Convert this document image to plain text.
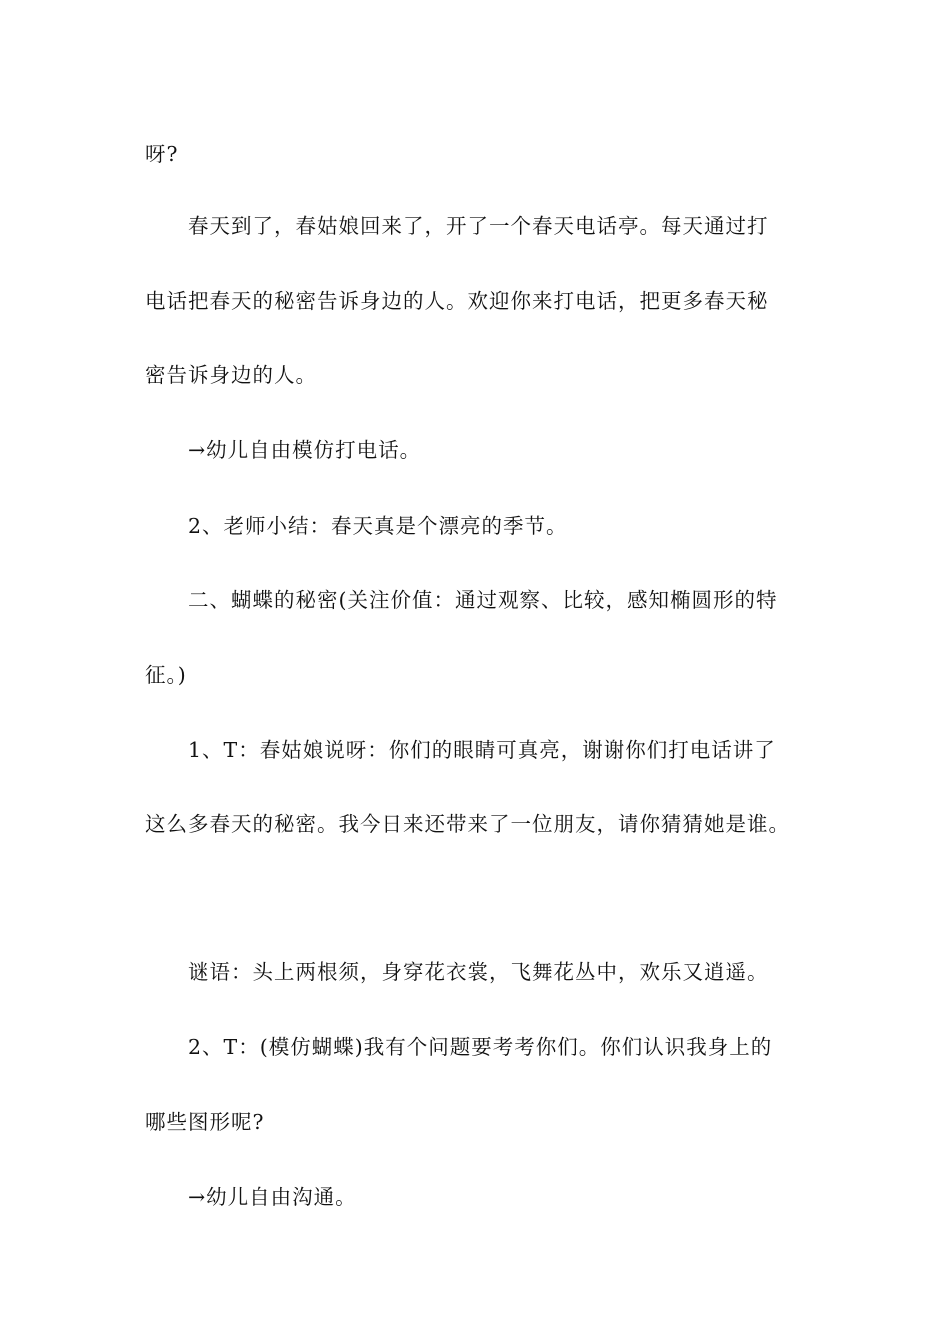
呀?
春天到了，春姑娘回来了，开了一个春天电话亭。每天通过打
电话把春天的秘密告诉身边的人。欢迎你来打电话，把更多春天秘
密告诉身边的人。
→幼儿自由模仿打电话。
2、老师小结：春天真是个漂亮的季节。
二、蝴蝶的秘密(关注价值：通过观察、比较，感知椭圆形的特
征。)
1、T：春姑娘说呀：你们的眼睛可真亮，谢谢你们打电话讲了
这么多春天的秘密。我今日来还带来了一位朋友，请你猜猜她是谁。
谜语：头上两根须，身穿花衣裳，飞舞花丛中，欢乐又逍遥。
2、T：(模仿蝴蝶)我有个问题要考考你们。你们认识我身上的
哪些图形呢?
→幼儿自由沟通。
